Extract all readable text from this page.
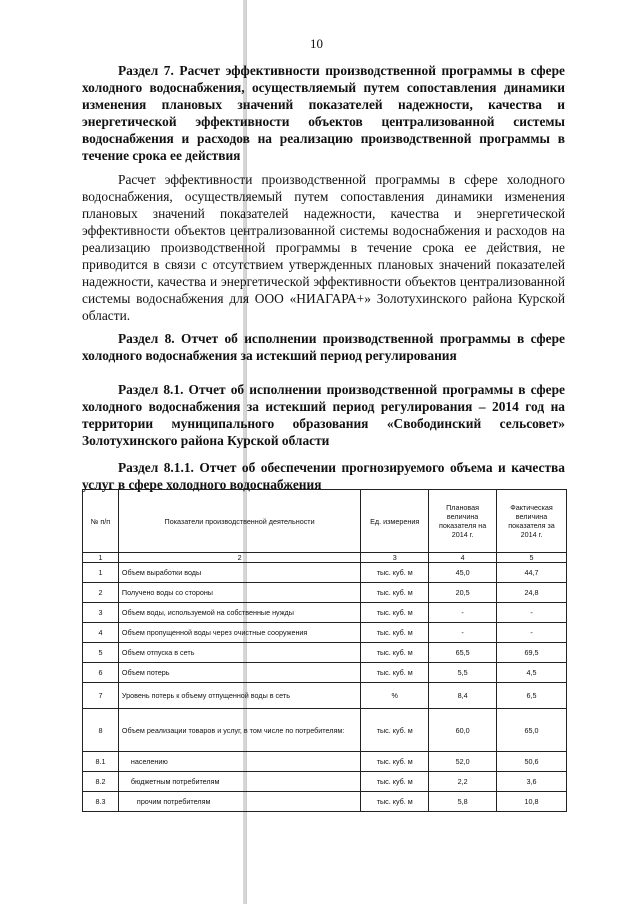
10
Раздел 7. Расчет эффективности производственной программы в сфере холодного водоснабжения, осуществляемый путем сопоставления динамики изменения плановых значений показателей надежности, качества и энергетической эффективности объектов централизованной системы водоснабжения и расходов на реализацию производственной программы в течение срока ее действия
Расчет эффективности производственной программы в сфере холодного водоснабжения, осуществляемый путем сопоставления динамики изменения плановых значений показателей надежности, качества и энергетической эффективности объектов централизованной системы водоснабжения и расходов на реализацию производственной программы в течение срока ее действия, не приводится в связи с отсутствием утвержденных плановых значений показателей надежности, качества и энергетической эффективности объектов централизованной системы водоснабжения для ООО «НИАГАРА+» Золотухинского района Курской области.
Раздел 8. Отчет об исполнении производственной программы в сфере холодного водоснабжения за истекший период регулирования
Раздел 8.1. Отчет об исполнении производственной программы в сфере холодного водоснабжения за истекший период регулирования – 2014 год на территории муниципального образования «Свободинский сельсовет» Золотухинского района Курской области
Раздел 8.1.1. Отчет об обеспечении прогнозируемого объема и качества услуг в сфере холодного водоснабжения
№ п/п	Показатели производственной деятельности	Ед. измерения	Плановая величина показателя на 2014 г.	Фактическая величина показателя за 2014 г.
1	2	3	4	5
1	Объем выработки воды	тыс. куб. м	45,0	44,7
2	Получено воды со стороны	тыс. куб. м	20,5	24,8
3	Объем воды, используемой на собственные нужды	тыс. куб. м	-	-
4	Объем пропущенной воды через очистные сооружения	тыс. куб. м	-	-
5	Объем отпуска в сеть	тыс. куб. м	65,5	69,5
6	Объем потерь	тыс. куб. м	5,5	4,5
7	Уровень потерь к объему отпущенной воды в сеть	%	8,4	6,5
8	Объем реализации товаров и услуг, в том числе по потребителям:	тыс. куб. м	60,0	65,0
8.1	населению	тыс. куб. м	52,0	50,6
8.2	бюджетным потребителям	тыс. куб. м	2,2	3,6
8.3	прочим потребителям	тыс. куб. м	5,8	10,8
